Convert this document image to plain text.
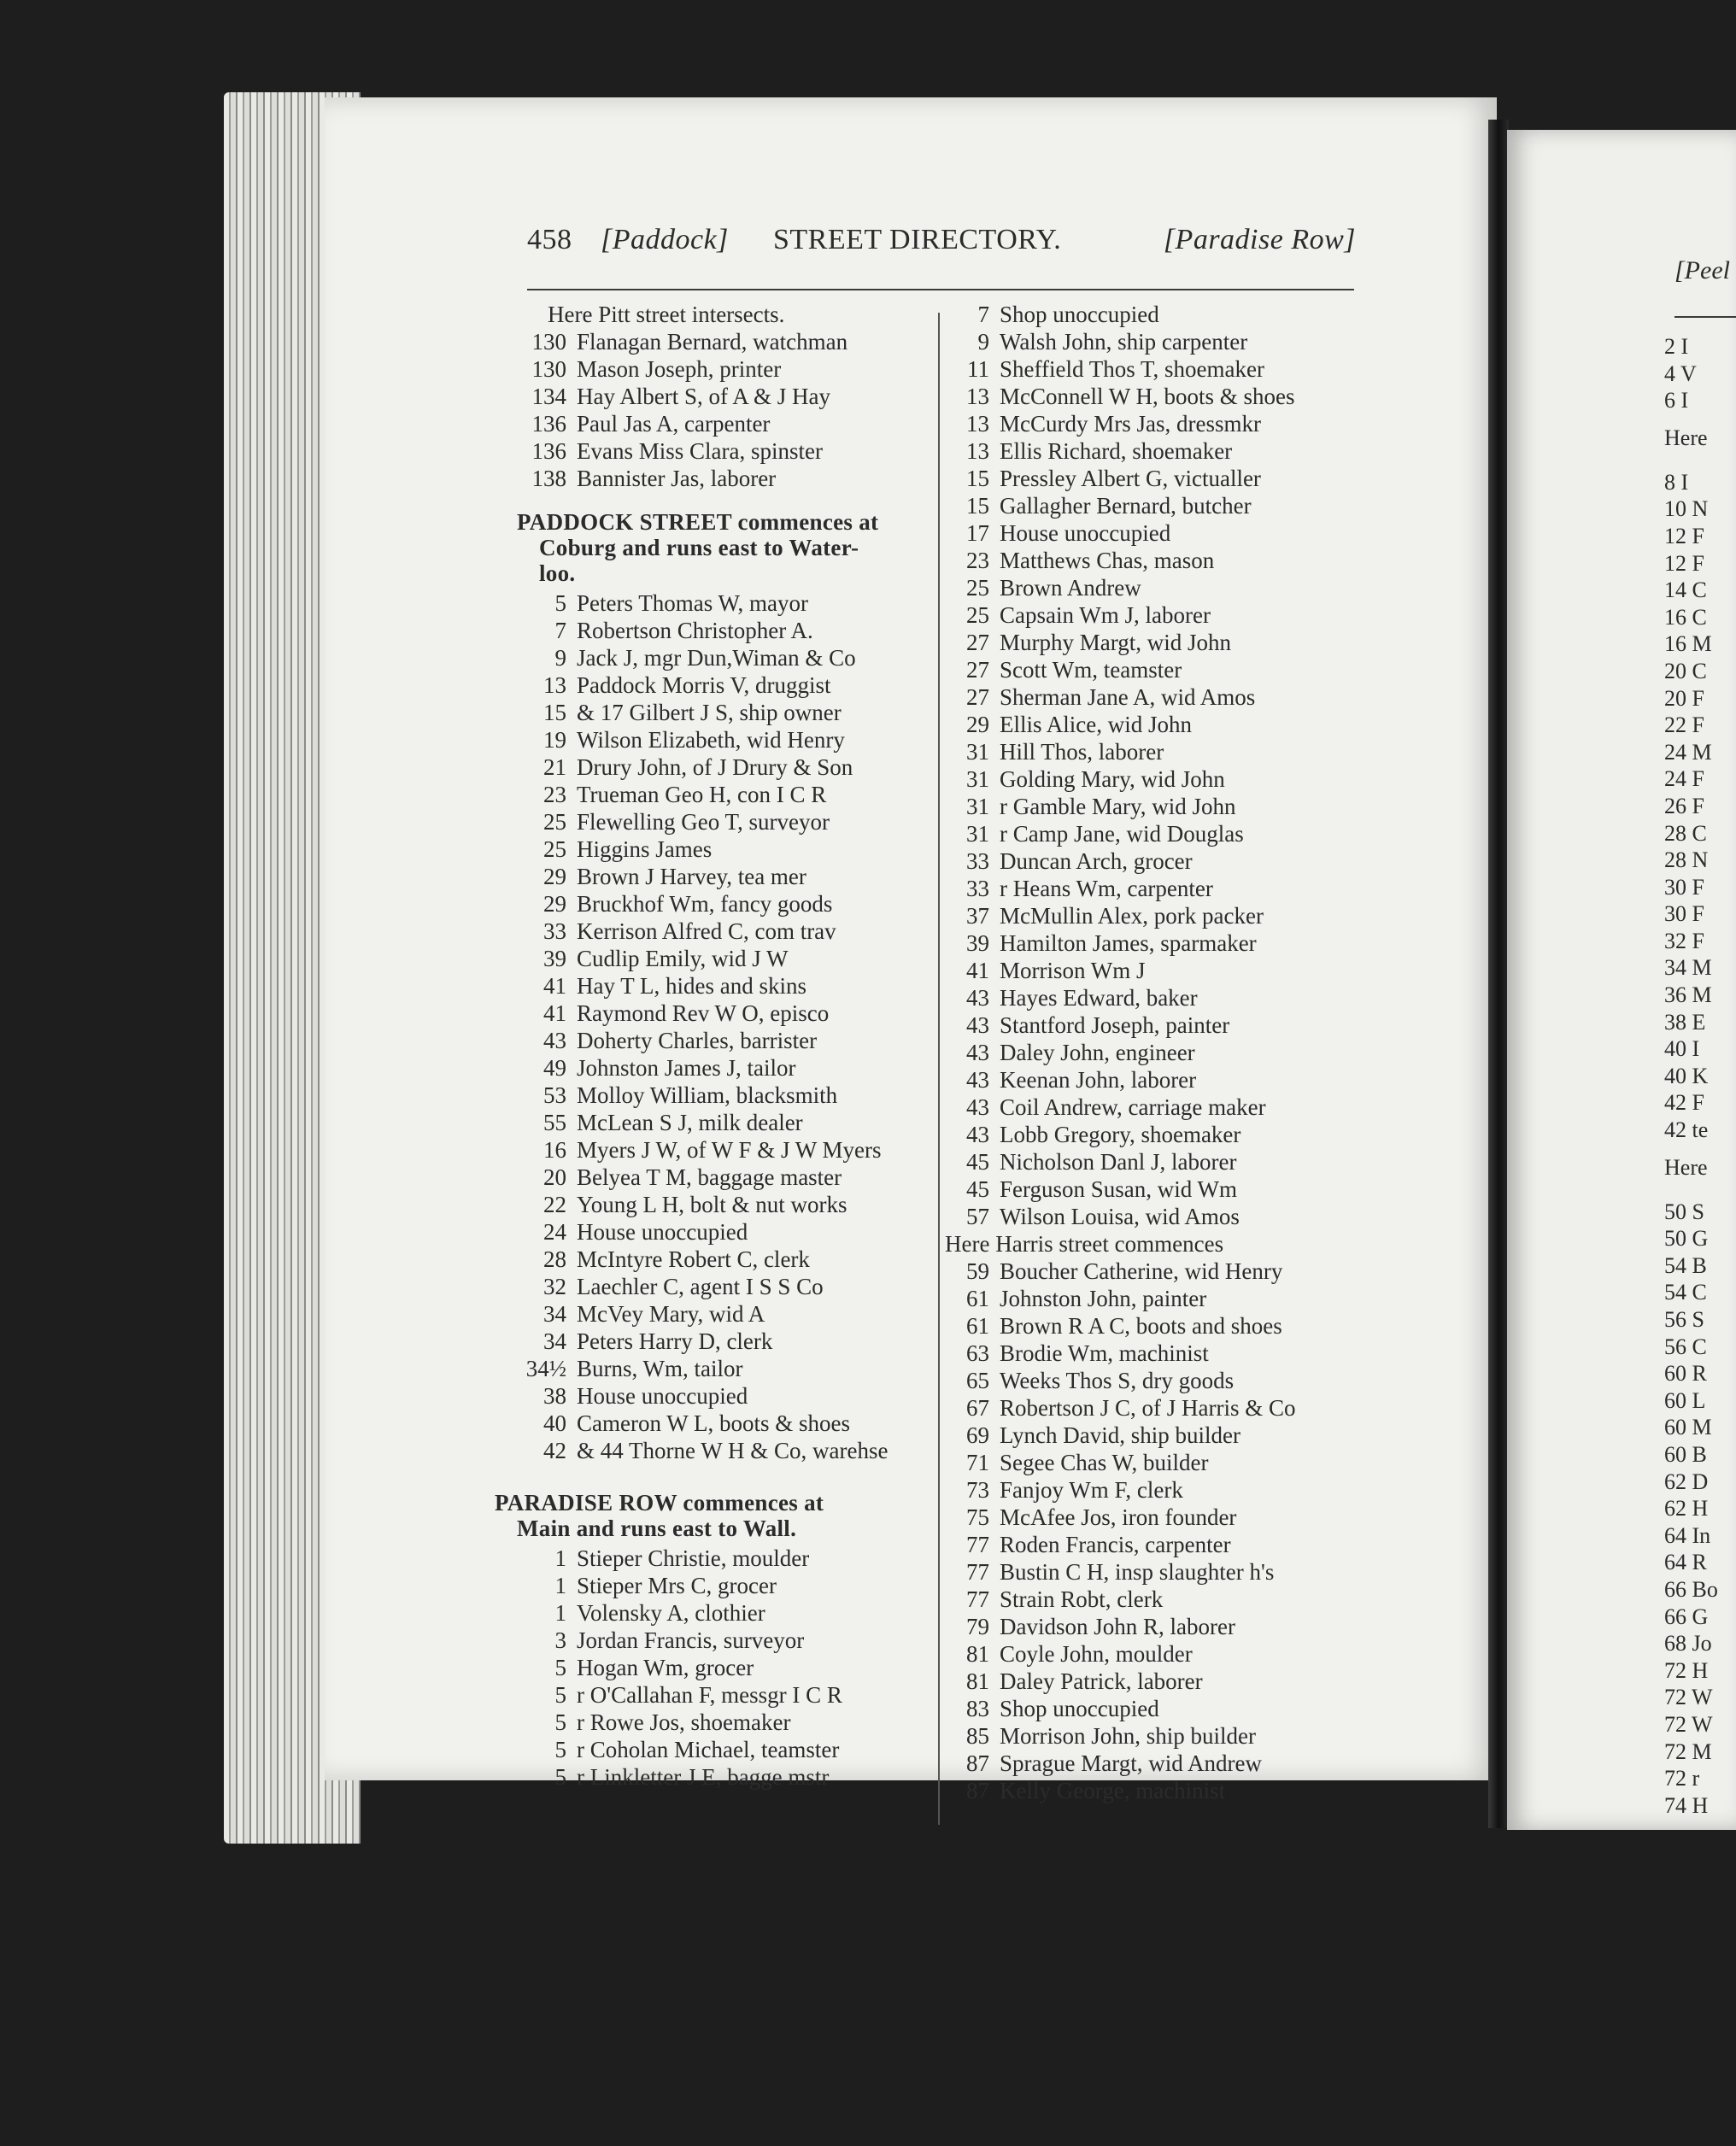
458 [Paddock] STREET DIRECTORY.	[Paradise Row]
Here Pitt street intersects.
130 Flanagan Bernard, watchman
130 Mason Joseph, printer
134 Hay Albert S, of A & J Hay
136 Paul Jas A, carpenter
136 Evans Miss Clara, spinster
138 Bannister Jas, laborer
PADDOCK STREET commences at
Coburg and runs east to Water-
loo.
5 Peters Thomas W, mayor
7 Robertson Christopher A.
9 Jack J, mgr Dun,Wiman & Co
13 Paddock Morris V, druggist
15 & 17 Gilbert J S, ship owner
19 Wilson Elizabeth, wid Henry
21 Drury John, of J Drury & Son
23 Trueman Geo H, con I C R
25 Flewelling Geo T, surveyor
25 Higgins James
29 Brown J Harvey, tea mer
29 Bruckhof Wm, fancy goods
33 Kerrison Alfred C, com trav
39 Cudlip Emily, wid J W
41 Hay T L, hides and skins
41 Raymond Rev W O, episco
43 Doherty Charles, barrister
49 Johnston James J, tailor
53 Molloy William, blacksmith
55 McLean S J, milk dealer
16 Myers J W, of W F & J W Myers
20 Belyea T M, baggage master
22 Young L H, bolt & nut works
24 House unoccupied
28 McIntyre Robert C, clerk
32 Laechler C, agent I S S Co
34 McVey Mary, wid A
34 Peters Harry D, clerk
34½ Burns, Wm, tailor
38 House unoccupied
40 Cameron W L, boots & shoes
42 & 44 Thorne W H & Co, warehse
PARADISE ROW commences at
Main and runs east to Wall.
1 Stieper Christie, moulder
1 Stieper Mrs C, grocer
1 Volensky A, clothier
3 Jordan Francis, surveyor
5 Hogan Wm, grocer
5 r O'Callahan F, messgr I C R
5 r Rowe Jos, shoemaker
5 r Coholan Michael, teamster
5 r Linkletter J E, bagge mstr
7 Shop unoccupied
9 Walsh John, ship carpenter
11 Sheffield Thos T, shoemaker
13 McConnell W H, boots & shoes
13 McCurdy Mrs Jas, dressmkr
13 Ellis Richard, shoemaker
15 Pressley Albert G, victualler
15 Gallagher Bernard, butcher
17 House unoccupied
23 Matthews Chas, mason
25 Brown Andrew
25 Capsain Wm J, laborer
27 Murphy Margt, wid John
27 Scott Wm, teamster
27 Sherman Jane A, wid Amos
29 Ellis Alice, wid John
31 Hill Thos, laborer
31 Golding Mary, wid John
31 r Gamble Mary, wid John
31 r Camp Jane, wid Douglas
33 Duncan Arch, grocer
33 r Heans Wm, carpenter
37 McMullin Alex, pork packer
39 Hamilton James, sparmaker
41 Morrison Wm J
43 Hayes Edward, baker
43 Stantford Joseph, painter
43 Daley John, engineer
43 Keenan John, laborer
43 Coil Andrew, carriage maker
43 Lobb Gregory, shoemaker
45 Nicholson Danl J, laborer
45 Ferguson Susan, wid Wm
57 Wilson Louisa, wid Amos
Here Harris street commences
59 Boucher Catherine, wid Henry
61 Johnston John, painter
61 Brown R A C, boots and shoes
63 Brodie Wm, machinist
65 Weeks Thos S, dry goods
67 Robertson J C, of J Harris & Co
69 Lynch David, ship builder
71 Segee Chas W, builder
73 Fanjoy Wm F, clerk
75 McAfee Jos, iron founder
77 Roden Francis, carpenter
77 Bustin C H, insp slaughter h's
77 Strain Robt, clerk
79 Davidson John R, laborer
81 Coyle John, moulder
81 Daley Patrick, laborer
83 Shop unoccupied
85 Morrison John, ship builder
87 Sprague Margt, wid Andrew
87 Kelly George, machinist
[Peel
2 I
4 V
6 I
Here
8 I
10 N
12 F
12 F
14 C
16 C
16 M
20 C
20 F
22 F
24 M
24 F
26 F
28 C
28 N
30 F
30 F
32 F
34 M
36 M
38 E
40 I
40 K
42 F
42 te
Here
50 S
50 G
54 B
54 C
56 S
56 C
60 R
60 L
60 M
60 B
62 D
62 H
64 In
64 R
66 Bo
66 G
68 Jo
72 H
72 W
72 W
72 M
72 r
74 H
